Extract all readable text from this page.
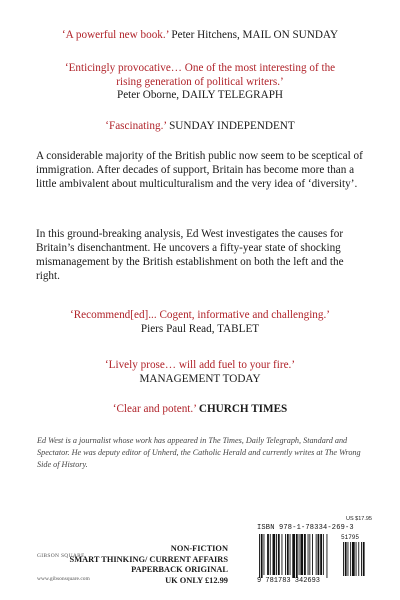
‘A powerful new book.’ Peter Hitchens, MAIL ON SUNDAY
‘Enticingly provocative… One of the most interesting of the
rising generation of political writers.’
Peter Oborne, DAILY TELEGRAPH
‘Fascinating.’ SUNDAY INDEPENDENT
A considerable majority of the British public now seem to be sceptical of immigration. After decades of support, Britain has become more than a little ambivalent about multiculturalism and the very idea of ‘diversity’.
In this ground-breaking analysis, Ed West investigates the causes for Britain’s disenchantment. He uncovers a fifty-year state of shocking mismanagement by the British establishment on both the left and the right.
‘Recommend[ed]... Cogent, informative and challenging.’
Piers Paul Read, TABLET
‘Lively prose… will add fuel to your fire.’
MANAGEMENT TODAY
‘Clear and potent.’ CHURCH TIMES
Ed West is a journalist whose work has appeared in The Times, Daily Telegraph, Standard and Spectator. He was deputy editor of Unherd, the Catholic Herald and currently writes at The Wrong Side of History.
GIBSON SQUARE
www.gibsonsquare.com
NON-FICTION
SMART THINKING/ CURRENT AFFAIRS
PAPERBACK ORIGINAL
UK ONLY £12.99
US $17.95
ISBN 978-1-78334-269-3
51795
9 781783 342693
